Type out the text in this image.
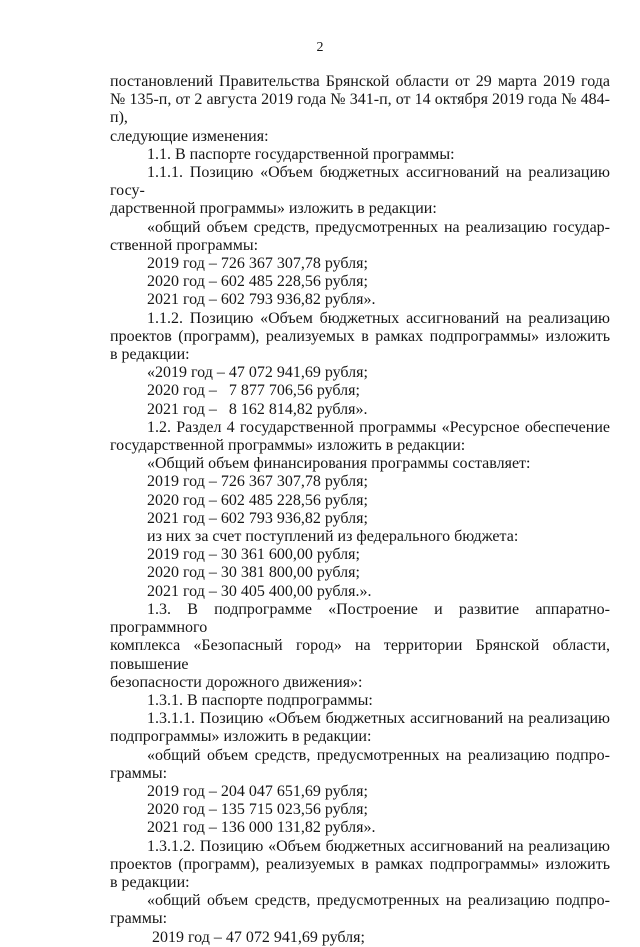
2

постановлений Правительства Брянской области от 29 марта 2019 года

№ 135-п, от 2 августа 2019 года № 341-п, от 14 октября 2019 года № 484-п),

следующие изменения:

1.1. В паспорте государственной программы:

1.1.1. Позицию «Объем бюджетных ассигнований на реализацию госу-

дарственной программы» изложить в редакции:

«общий объем средств, предусмотренных на реализацию государ-

ственной программы:

2019 год – 726 367 307,78 рубля;

2020 год – 602 485 228,56 рубля;

2021 год – 602 793 936,82 рубля».

1.1.2. Позицию «Объем бюджетных ассигнований на реализацию

проектов (программ), реализуемых в рамках подпрограммы» изложить

в редакции:

«2019 год – 47 072 941,69 рубля;

2020 год –   7 877 706,56 рубля;

2021 год –   8 162 814,82 рубля».

1.2. Раздел 4 государственной программы «Ресурсное обеспечение

государственной программы» изложить в редакции:

«Общий объем финансирования программы составляет:

2019 год – 726 367 307,78 рубля;

2020 год – 602 485 228,56 рубля;

2021 год – 602 793 936,82 рубля;

из них за счет поступлений из федерального бюджета:

2019 год – 30 361 600,00 рубля;

2020 год – 30 381 800,00 рубля;

2021 год – 30 405 400,00 рубля.».

1.3. В подпрограмме «Построение и развитие аппаратно-программного

комплекса «Безопасный город» на территории Брянской области, повышение

безопасности дорожного движения»:

1.3.1. В паспорте подпрограммы:

1.3.1.1. Позицию «Объем бюджетных ассигнований на реализацию

подпрограммы» изложить в редакции:

«общий объем средств, предусмотренных на реализацию подпро-

граммы:

2019 год – 204 047 651,69 рубля;

2020 год – 135 715 023,56 рубля;

2021 год – 136 000 131,82 рубля».

1.3.1.2. Позицию «Объем бюджетных ассигнований на реализацию

проектов (программ), реализуемых в рамках подпрограммы» изложить

в редакции:

«общий объем средств, предусмотренных на реализацию подпро-

граммы:

2019 год – 47 072 941,69 рубля;
